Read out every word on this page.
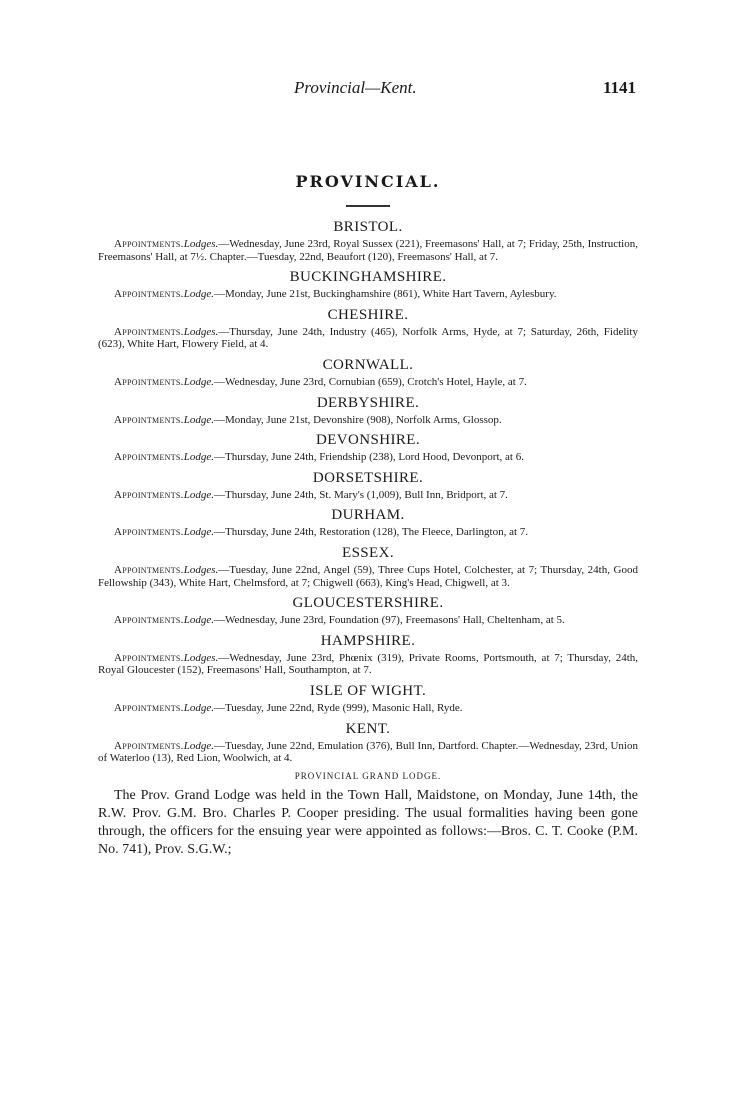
Provincial—Kent.	1141
PROVINCIAL.
BRISTOL.

Appointments.Lodges.—Wednesday, June 23rd, Royal Sussex (221), Freemasons' Hall, at 7; Friday, 25th, Instruction, Freemasons' Hall, at 7½. Chapter.—Tuesday, 22nd, Beaufort (120), Freemasons' Hall, at 7.

BUCKINGHAMSHIRE.

Appointments.Lodge.—Monday, June 21st, Buckinghamshire (861), White Hart Tavern, Aylesbury.

CHESHIRE.

Appointments.Lodges.—Thursday, June 24th, Industry (465), Norfolk Arms, Hyde, at 7; Saturday, 26th, Fidelity (623), White Hart, Flowery Field, at 4.

CORNWALL.

Appointments.Lodge.—Wednesday, June 23rd, Cornubian (659), Crotch's Hotel, Hayle, at 7.

DERBYSHIRE.

Appointments.Lodge.—Monday, June 21st, Devonshire (908), Norfolk Arms, Glossop.

DEVONSHIRE.

Appointments.Lodge.—Thursday, June 24th, Friendship (238), Lord Hood, Devonport, at 6.

DORSETSHIRE.

Appointments.Lodge.—Thursday, June 24th, St. Mary's (1,009), Bull Inn, Bridport, at 7.

DURHAM.

Appointments.Lodge.—Thursday, June 24th, Restoration (128), The Fleece, Darlington, at 7.

ESSEX.

Appointments.Lodges.—Tuesday, June 22nd, Angel (59), Three Cups Hotel, Colchester, at 7; Thursday, 24th, Good Fellowship (343), White Hart, Chelmsford, at 7; Chigwell (663), King's Head, Chigwell, at 3.

GLOUCESTERSHIRE.

Appointments.Lodge.—Wednesday, June 23rd, Foundation (97), Freemasons' Hall, Cheltenham, at 5.

HAMPSHIRE.

Appointments.Lodges.—Wednesday, June 23rd, Phœnix (319), Private Rooms, Portsmouth, at 7; Thursday, 24th, Royal Gloucester (152), Freemasons' Hall, Southampton, at 7.

ISLE OF WIGHT.

Appointments.Lodge.—Tuesday, June 22nd, Ryde (999), Masonic Hall, Ryde.

KENT.

Appointments.Lodge.—Tuesday, June 22nd, Emulation (376), Bull Inn, Dartford. Chapter.—Wednesday, 23rd, Union of Waterloo (13), Red Lion, Woolwich, at 4.

PROVINCIAL GRAND LODGE.

The Prov. Grand Lodge was held in the Town Hall, Maidstone, on Monday, June 14th, the R.W. Prov. G.M. Bro. Charles P. Cooper presiding. The usual formalities having been gone through, the officers for the ensuing year were appointed as follows:—Bros. C. T. Cooke (P.M. No. 741), Prov. S.G.W.;
